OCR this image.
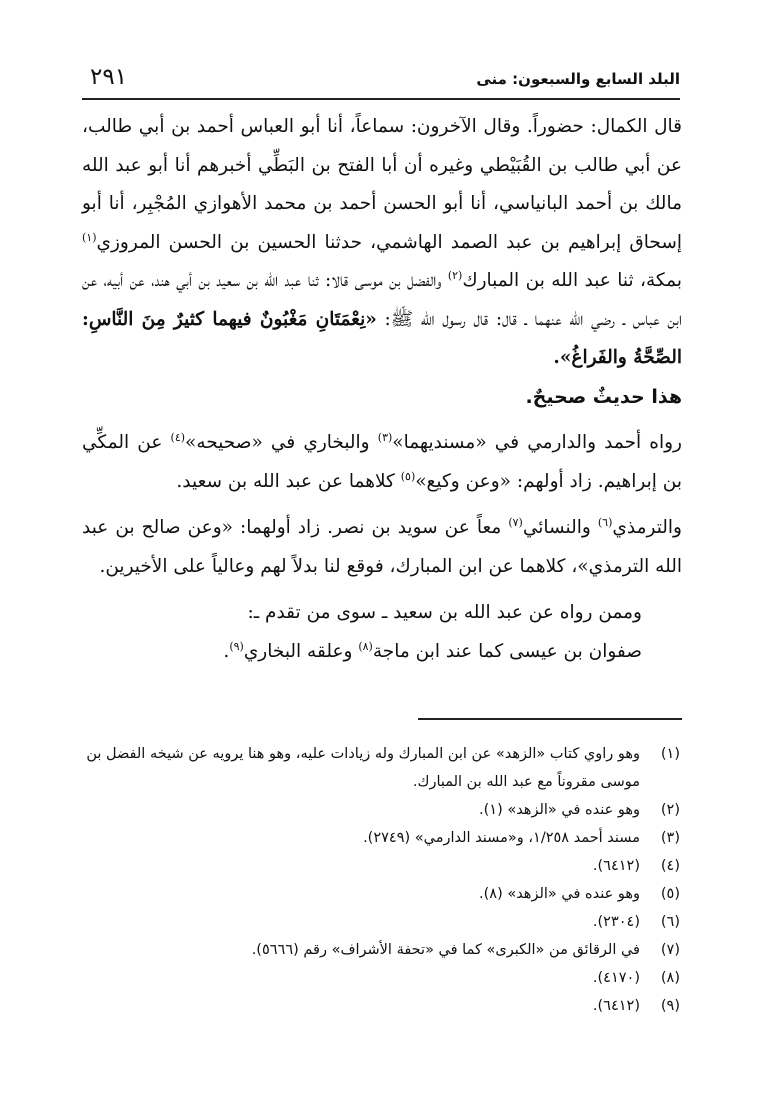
البلد السابع والسبعون: منى
٢٩١

قال الكمال: حضوراً. وقال الآخرون: سماعاً، أنا أبو العباس أحمد بن أبي طالب، عن أبي طالب بن القُبَيْطي وغيره أن أبا الفتح بن البَطِّي أخبرهم أنا أبو عبد الله مالك بن أحمد البانياسي، أنا أبو الحسن أحمد بن محمد الأهوازي المُجْبِر، أنا أبو إسحاق إبراهيم بن عبد الصمد الهاشمي، حدثنا الحسين بن الحسن المروزي$^{(١)}$ بمكة، ثنا عبد الله بن المبارك$^{(٢)}$ والفضل بن موسى قالا: ثنا عبد الله بن سعيد بن أبي هند، عن أبيه، عن ابن عباس ـ رضي الله عنهما ـ قال: قال رسول الله ﷺ: «نِعْمَتَانِ مَغْبُونٌ فيهما كثيرٌ مِنَ النَّاسِ: الصِّحَّةُ والفَراغُ».

هذا حديثٌ صحيحٌ.

رواه أحمد والدارمي في «مسنديهما»$^{(٣)}$ والبخاري في «صحيحه»$^{(٤)}$ عن المكِّي بن إبراهيم. زاد أولهم: «وعن وكيع»$^{(٥)}$ كلاهما عن عبد الله بن سعيد.

والترمذي$^{(٦)}$ والنسائي$^{(٧)}$ معاً عن سويد بن نصر. زاد أولهما: «وعن صالح بن عبد الله الترمذي»، كلاهما عن ابن المبارك، فوقع لنا بدلاً لهم وعالياً على الأخيرين.

وممن رواه عن عبد الله بن سعيد ـ سوى من تقدم ـ:

صفوان بن عيسى كما عند ابن ماجة$^{(٨)}$ وعلقه البخاري$^{(٩)}$.

(١)
وهو راوي كتاب «الزهد» عن ابن المبارك وله زيادات عليه، وهو هنا يرويه عن شيخه الفضل بن موسى مقروناً مع عبد الله بن المبارك.
(٢)
وهو عنده في «الزهد» (١).
(٣)
مسند أحمد ١/٢٥٨، و«مسند الدارمي» (٢٧٤٩).
(٤)
(٦٤١٢).
(٥)
وهو عنده في «الزهد» (٨).
(٦)
(٢٣٠٤).
(٧)
في الرقائق من «الكبرى» كما في «تحفة الأشراف» رقم (٥٦٦٦).
(٨)
(٤١٧٠).
(٩)
(٦٤١٢).
